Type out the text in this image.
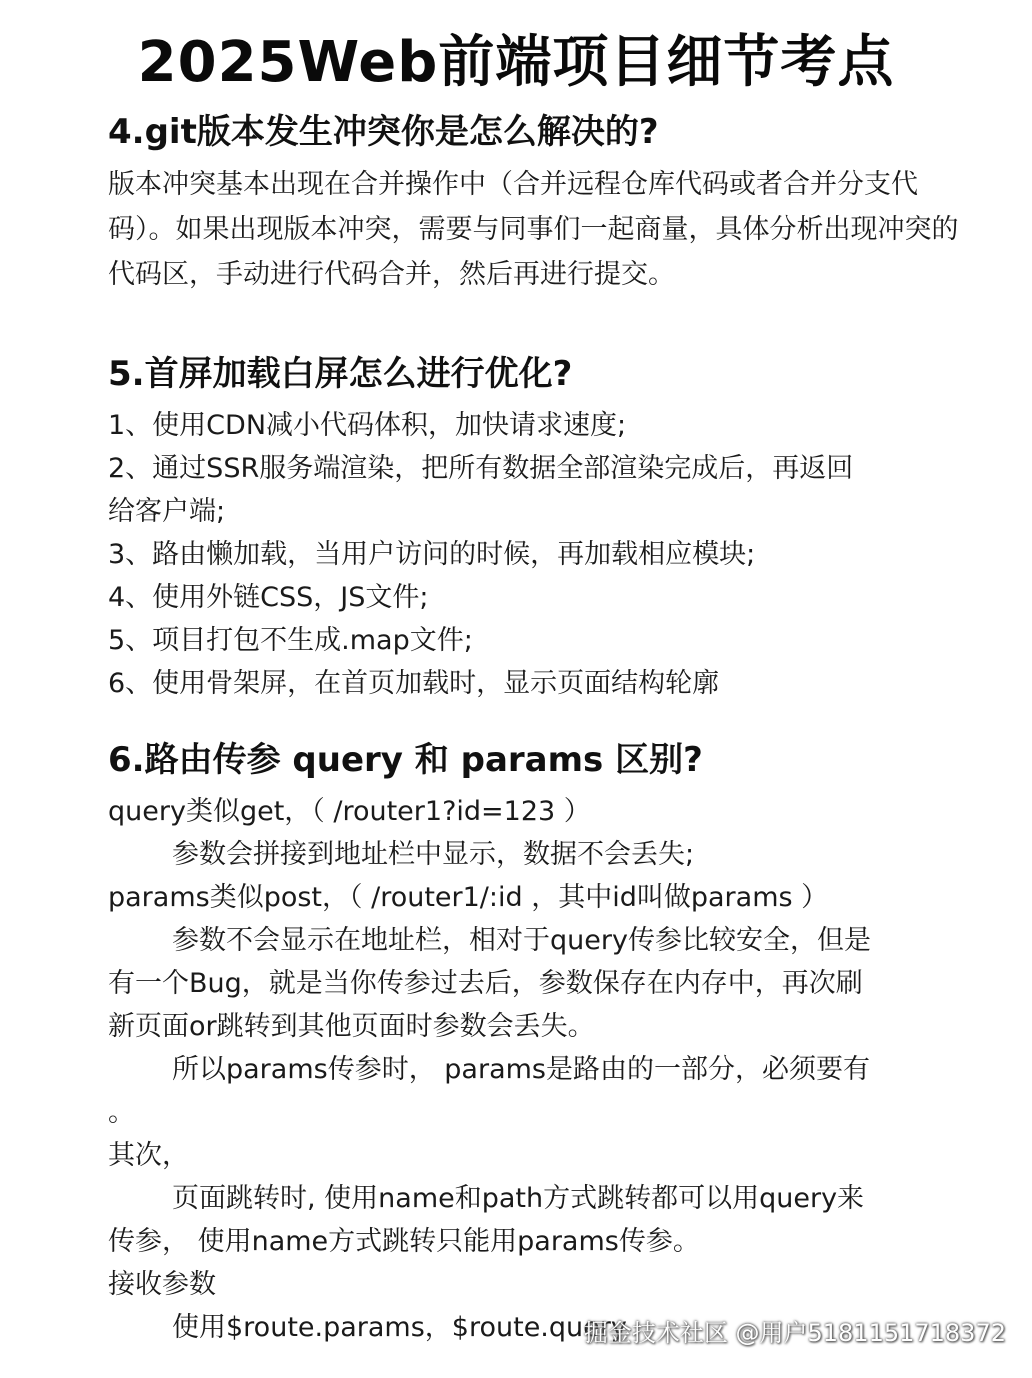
2025Web前端项目细节考点
4.git版本发生冲突你是怎么解决的?

版本冲突基本出现在合并操作中（合并远程仓库代码或者合并分支代码）。如果出现版本冲突，需要与同事们一起商量，具体分析出现冲突的代码区，手动进行代码合并，然后再进行提交。

5.首屏加载白屏怎么进行优化?

1、使用CDN减小代码体积，加快请求速度;

2、通过SSR服务端渲染，把所有数据全部渲染完成后，再返回

给客户端;

3、路由懒加载，当用户访问的时候，再加载相应模块;

4、使用外链CSS，JS文件;

5、项目打包不生成.map文件;

6、使用骨架屏，在首页加载时，显示页面结构轮廓

6.路由传参 query 和 params 区别?

query类似get，（ /router1?id=123 ）

参数会拼接到地址栏中显示，数据不会丢失;

params类似post，（ /router1/:id ，其中id叫做params ）

参数不会显示在地址栏，相对于query传参比较安全，但是

有一个Bug，就是当你传参过去后，参数保存在内存中，再次刷

新页面or跳转到其他页面时参数会丢失。

所以params传参时， params是路由的一部分，必须要有

。

其次，

页面跳转时, 使用name和path方式跳转都可以用query来

传参， 使用name方式跳转只能用params传参。

接收参数

使用$route.params，$route.query

掘金技术社区 @用户5181151718372
